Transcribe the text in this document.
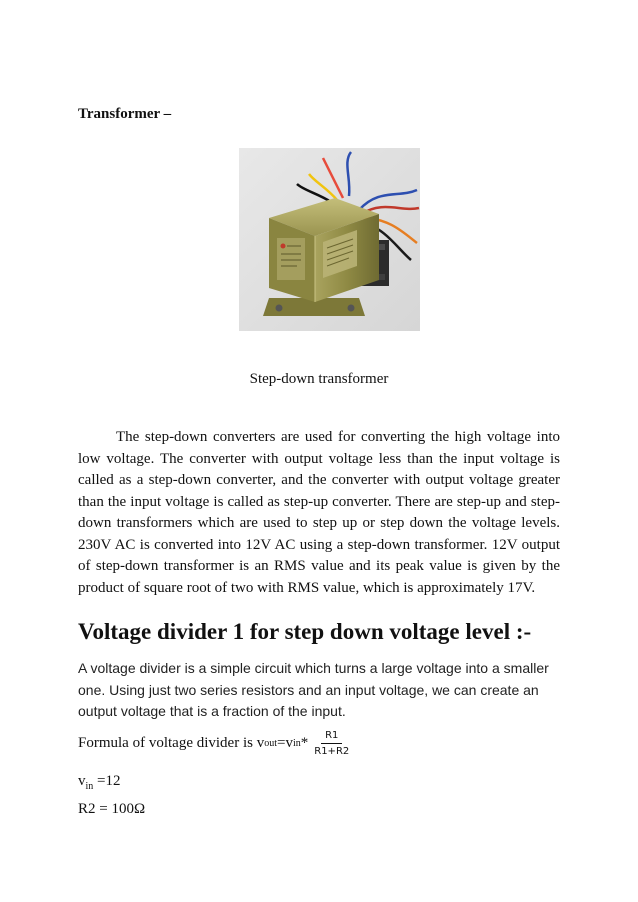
Transformer –

Step-down transformer

The step-down converters are used for converting the high voltage into low voltage. The converter with output voltage less than the input voltage is called as a step-down converter, and the converter with output voltage greater than the input voltage is called as step-up converter. There are step-up and step-down transformers which are used to step up or step down the voltage levels. 230V AC is converted into 12V AC using a step-down transformer. 12V output of step-down transformer is an RMS value and its peak value is given by the product of square root of two with RMS value, which is approximately 17V.

Voltage divider 1 for step down voltage level :-

A voltage divider is a simple circuit which turns a large voltage into a smaller one. Using just two series resistors and an input voltage, we can create an output voltage that is a fraction of the input.

Formula of voltage divider is
v out = v in * $\frac{R1}{R1+R2}$

$v_{in} =12$

R2 = 100Ω
